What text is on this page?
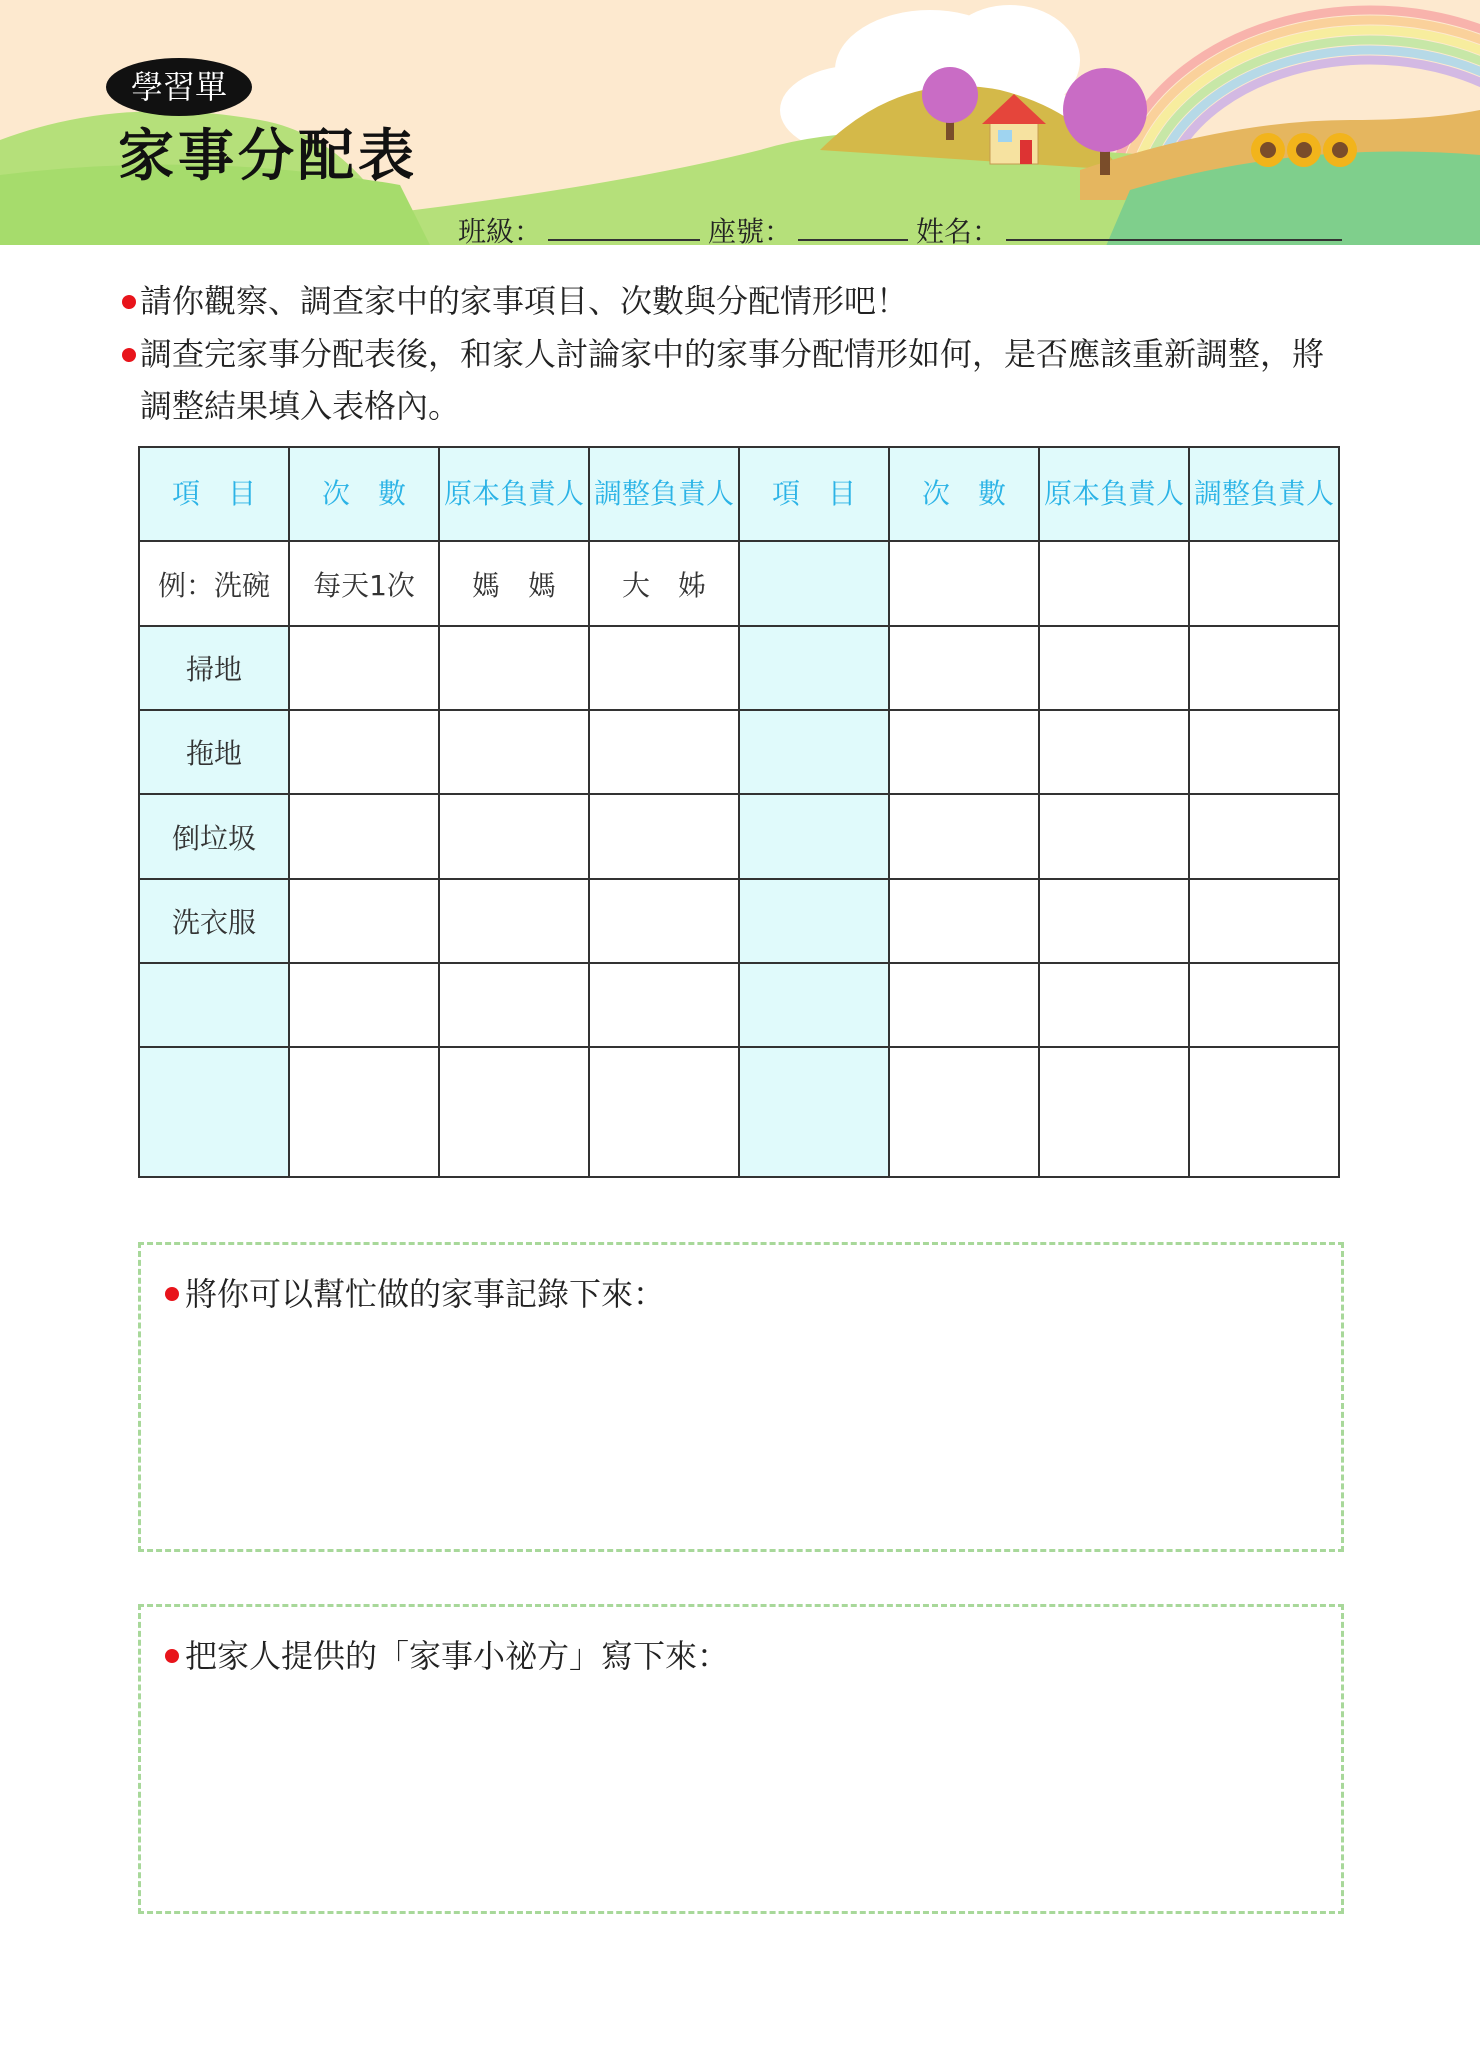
學習單
家事分配表
班級：	座號：	姓名：
請你觀察、調查家中的家事項目、次數與分配情形吧！
調查完家事分配表後，和家人討論家中的家事分配情形如何，是否應該重新調整，將調整結果填入表格內。
項　目	次　數	原本負責人	調整負責人	項　目	次　數	原本負責人	調整負責人
例：洗碗	每天1次	媽　媽	大　姊				
掃地							
拖地							
倒垃圾							
洗衣服							

將你可以幫忙做的家事記錄下來：
把家人提供的「家事小祕方」寫下來：
